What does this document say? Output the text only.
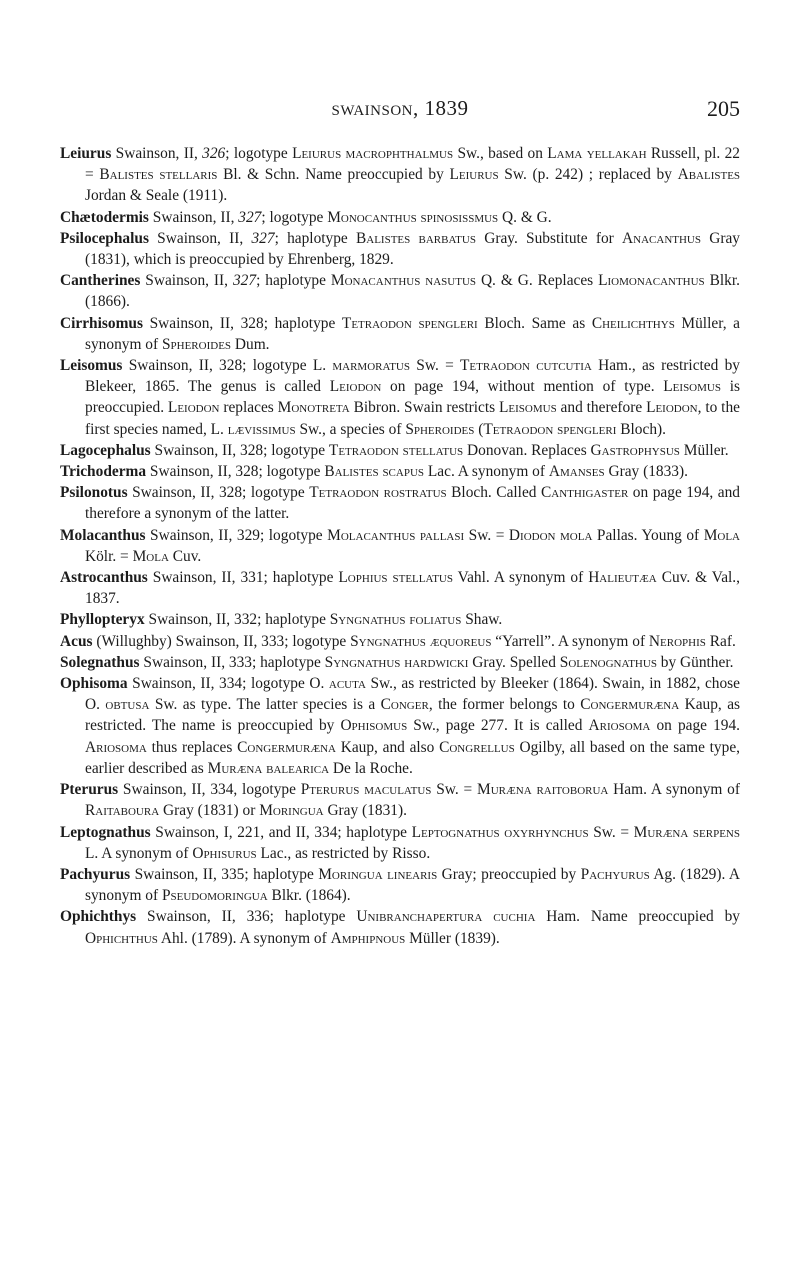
swainson, 1839	205

Leiurus Swainson, II, 326; logotype Leiurus macrophthalmus Sw., based on Lama yellakah Russell, pl. 22 = Balistes stellaris Bl. & Schn. Name preoccupied by Leiurus Sw. (p. 242) ; replaced by Abalistes Jordan & Seale (1911).

Chætodermis Swainson, II, 327; logotype Monocanthus spinosissmus Q. & G.

Psilocephalus Swainson, II, 327; haplotype Balistes barbatus Gray. Substitute for Anacanthus Gray (1831), which is preoccupied by Ehrenberg, 1829.

Cantherines Swainson, II, 327; haplotype Monacanthus nasutus Q. & G. Replaces Liomonacanthus Blkr. (1866).

Cirrhisomus Swainson, II, 328; haplotype Tetraodon spengleri Bloch. Same as Cheilichthys Müller, a synonym of Spheroides Dum.

Leisomus Swainson, II, 328; logotype L. marmoratus Sw. = Tetraodon cutcutia Ham., as restricted by Blekeer, 1865. The genus is called Leiodon on page 194, without mention of type. Leisomus is preoccupied. Leiodon replaces Monotreta Bibron. Swain restricts Leisomus and therefore Leiodon, to the first species named, L. lævissimus Sw., a species of Spheroides (Tetraodon spengleri Bloch).

Lagocephalus Swainson, II, 328; logotype Tetraodon stellatus Donovan. Replaces Gastrophysus Müller.

Trichoderma Swainson, II, 328; logotype Balistes scapus Lac. A synonym of Amanses Gray (1833).

Psilonotus Swainson, II, 328; logotype Tetraodon rostratus Bloch. Called Canthigaster on page 194, and therefore a synonym of the latter.

Molacanthus Swainson, II, 329; logotype Molacanthus pallasi Sw. = Diodon mola Pallas. Young of Mola Kölr. = Mola Cuv.

Astrocanthus Swainson, II, 331; haplotype Lophius stellatus Vahl. A synonym of Halieutæa Cuv. & Val., 1837.

Phyllopteryx Swainson, II, 332; haplotype Syngnathus foliatus Shaw.

Acus (Willughby) Swainson, II, 333; logotype Syngnathus æquoreus “Yarrell”. A synonym of Nerophis Raf.

Solegnathus Swainson, II, 333; haplotype Syngnathus hardwicki Gray. Spelled Solenognathus by Günther.

Ophisoma Swainson, II, 334; logotype O. acuta Sw., as restricted by Bleeker (1864). Swain, in 1882, chose O. obtusa Sw. as type. The latter species is a Conger, the former belongs to Congermuræna Kaup, as restricted. The name is preoccupied by Ophisomus Sw., page 277. It is called Ariosoma on page 194. Ariosoma thus replaces Congermuræna Kaup, and also Congrellus Ogilby, all based on the same type, earlier described as Muræna balearica De la Roche.

Pterurus Swainson, II, 334, logotype Pterurus maculatus Sw. = Muræna raitoborua Ham. A synonym of Raitaboura Gray (1831) or Moringua Gray (1831).

Leptognathus Swainson, I, 221, and II, 334; haplotype Leptognathus oxyrhynchus Sw. = Muræna serpens L. A synonym of Ophisurus Lac., as restricted by Risso.

Pachyurus Swainson, II, 335; haplotype Moringua linearis Gray; preoccupied by Pachyurus Ag. (1829). A synonym of Pseudomoringua Blkr. (1864).

Ophichthys Swainson, II, 336; haplotype Unibranchapertura cuchia Ham. Name preoccupied by Ophichthus Ahl. (1789). A synonym of Amphipnous Müller (1839).
